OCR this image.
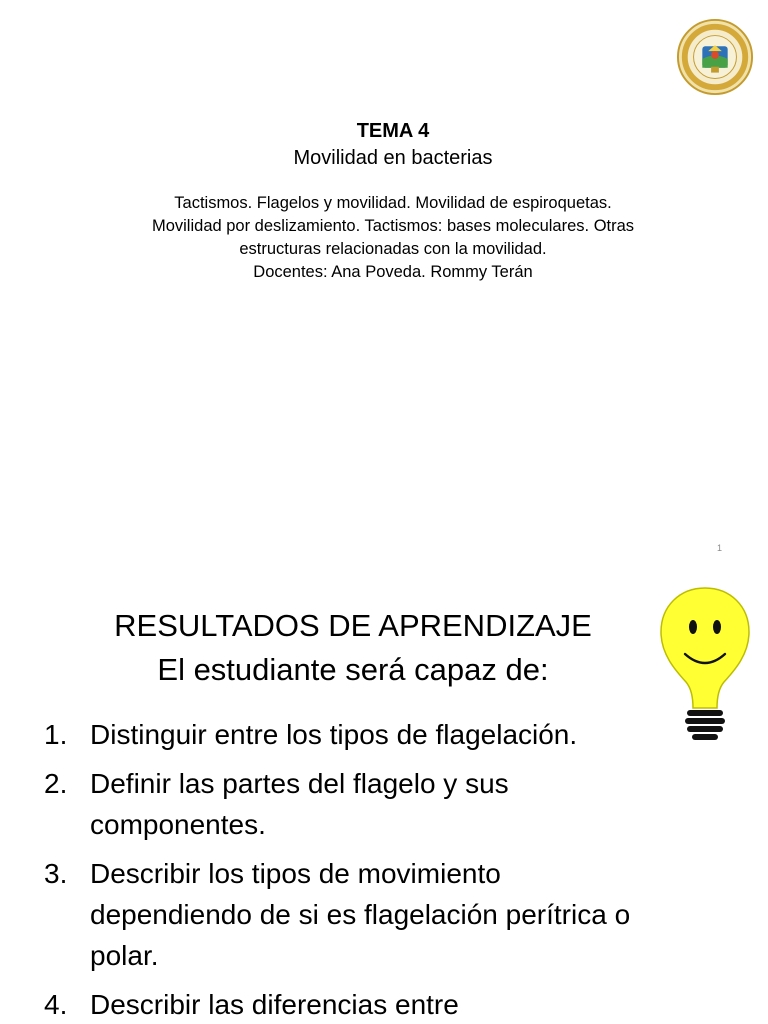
TEMA 4
Movilidad en bacterias
Tactismos. Flagelos y movilidad. Movilidad de espiroquetas.
Movilidad por deslizamiento. Tactismos: bases moleculares. Otras
estructuras relacionadas con la movilidad.
Docentes: Ana Poveda. Rommy Terán
1
RESULTADOS DE APRENDIZAJE
El estudiante será capaz de:
1. Distinguir entre los tipos de flagelación.
2. Definir las partes del flagelo y sus
componentes.
3. Describir los tipos de movimiento
dependiendo de si es flagelación perítrica o
polar.
4. Describir las diferencias entre
